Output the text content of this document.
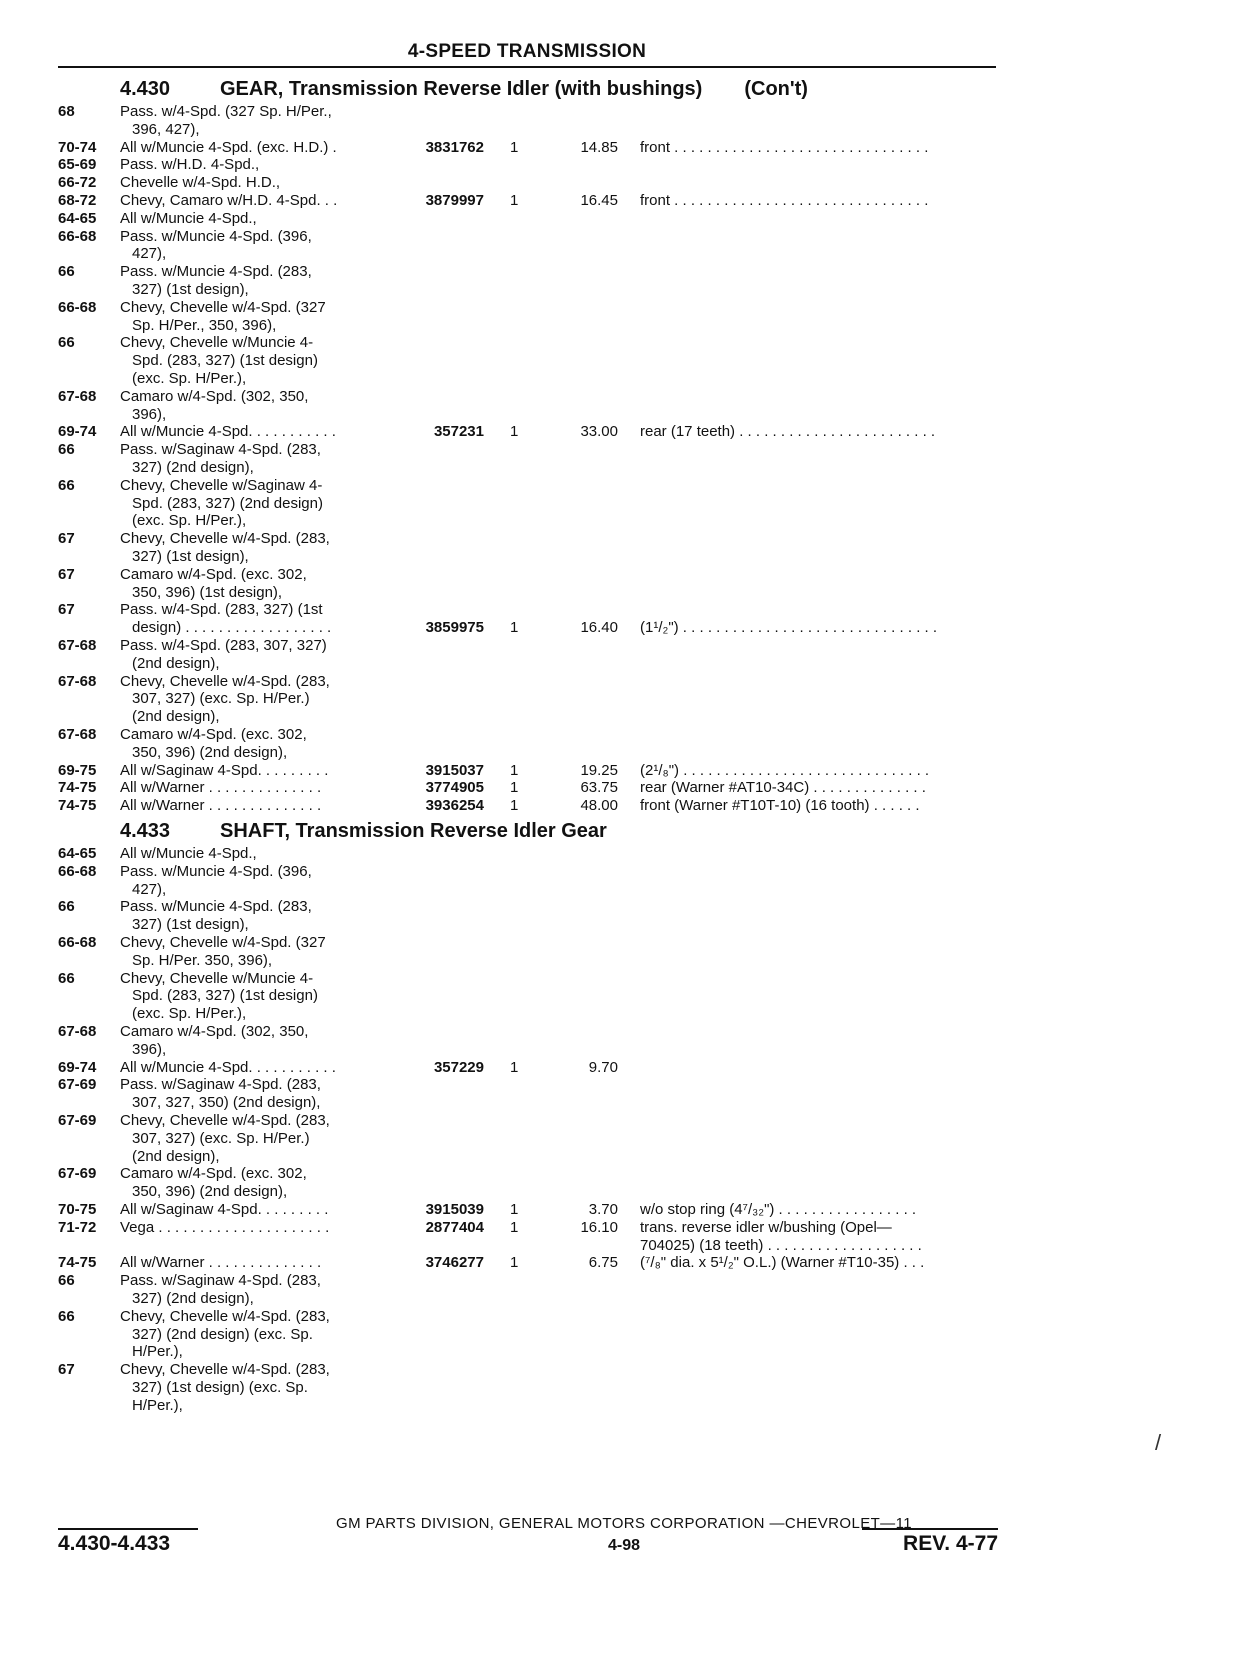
4-SPEED TRANSMISSION
4.430 GEAR, Transmission Reverse Idler (with bushings) (Con't)
68	Pass. w/4-Spd. (327 Sp. H/Per.,
396, 427),
70-74 All w/Muncie 4-Spd. (exc. H.D.) .	3831762 1	14.85 front . . . . . . . . . . . . . . . . . . . . . . . . . . . . . . .
65-69 Pass. w/H.D. 4-Spd.,
66-72 Chevelle w/4-Spd. H.D.,
68-72 Chevy, Camaro w/H.D. 4-Spd. . .	3879997 1	16.45 front . . . . . . . . . . . . . . . . . . . . . . . . . . . . . . .
64-65 All w/Muncie 4-Spd.,
66-68 Pass. w/Muncie 4-Spd. (396,
427),
66	Pass. w/Muncie 4-Spd. (283,
327) (1st design),
66-68 Chevy, Chevelle w/4-Spd. (327
Sp. H/Per., 350, 396),
66	Chevy, Chevelle w/Muncie 4-
Spd. (283, 327) (1st design)
(exc. Sp. H/Per.),
67-68 Camaro w/4-Spd. (302, 350,
396),
69-74 All w/Muncie 4-Spd. . . . . . . . . . .	357231 1	33.00 rear (17 teeth) . . . . . . . . . . . . . . . . . . . . . . . .
66	Pass. w/Saginaw 4-Spd. (283,
327) (2nd design),
66	Chevy, Chevelle w/Saginaw 4-
Spd. (283, 327) (2nd design)
(exc. Sp. H/Per.),
67	Chevy, Chevelle w/4-Spd. (283,
327) (1st design),
67	Camaro w/4-Spd. (exc. 302,
350, 396) (1st design),
67	Pass. w/4-Spd. (283, 327) (1st
design) . . . . . . . . . . . . . . . . . .	3859975 1	16.40 (1¹/₂") . . . . . . . . . . . . . . . . . . . . . . . . . . . . . . .
67-68 Pass. w/4-Spd. (283, 307, 327)
(2nd design),
67-68 Chevy, Chevelle w/4-Spd. (283,
307, 327) (exc. Sp. H/Per.)
(2nd design),
67-68 Camaro w/4-Spd. (exc. 302,
350, 396) (2nd design),
69-75 All w/Saginaw 4-Spd. . . . . . . . .	3915037 1	19.25 (2¹/₈") . . . . . . . . . . . . . . . . . . . . . . . . . . . . . .
74-75 All w/Warner . . . . . . . . . . . . . .	3774905 1	63.75 rear (Warner #AT10-34C) . . . . . . . . . . . . . .
74-75 All w/Warner . . . . . . . . . . . . . .	3936254 1	48.00 front (Warner #T10T-10) (16 tooth) . . . . . .
4.433 SHAFT, Transmission Reverse Idler Gear
64-65 All w/Muncie 4-Spd.,
66-68 Pass. w/Muncie 4-Spd. (396,
427),
66	Pass. w/Muncie 4-Spd. (283,
327) (1st design),
66-68 Chevy, Chevelle w/4-Spd. (327
Sp. H/Per. 350, 396),
66	Chevy, Chevelle w/Muncie 4-
Spd. (283, 327) (1st design)
(exc. Sp. H/Per.),
67-68 Camaro w/4-Spd. (302, 350,
396),
69-74 All w/Muncie 4-Spd. . . . . . . . . . .	357229 1	9.70
67-69 Pass. w/Saginaw 4-Spd. (283,
307, 327, 350) (2nd design),
67-69 Chevy, Chevelle w/4-Spd. (283,
307, 327) (exc. Sp. H/Per.)
(2nd design),
67-69 Camaro w/4-Spd. (exc. 302,
350, 396) (2nd design),
70-75 All w/Saginaw 4-Spd. . . . . . . . .	3915039 1	3.70 w/o stop ring (4⁷/₃₂") . . . . . . . . . . . . . . . . .
71-72 Vega . . . . . . . . . . . . . . . . . . . . .	2877404 1	16.10 trans. reverse idler w/bushing (Opel—
704025) (18 teeth) . . . . . . . . . . . . . . . . . . .
74-75 All w/Warner . . . . . . . . . . . . . .	3746277 1	6.75 (⁷/₈" dia. x 5¹/₂" O.L.) (Warner #T10-35) . . .
66	Pass. w/Saginaw 4-Spd. (283,
327) (2nd design),
66	Chevy, Chevelle w/4-Spd. (283,
327) (2nd design) (exc. Sp.
H/Per.),
67	Chevy, Chevelle w/4-Spd. (283,
327) (1st design) (exc. Sp.
H/Per.),
GM PARTS DIVISION, GENERAL MOTORS CORPORATION —CHEVROLET—11
4.430-4.433	4-98	REV. 4-77
/
